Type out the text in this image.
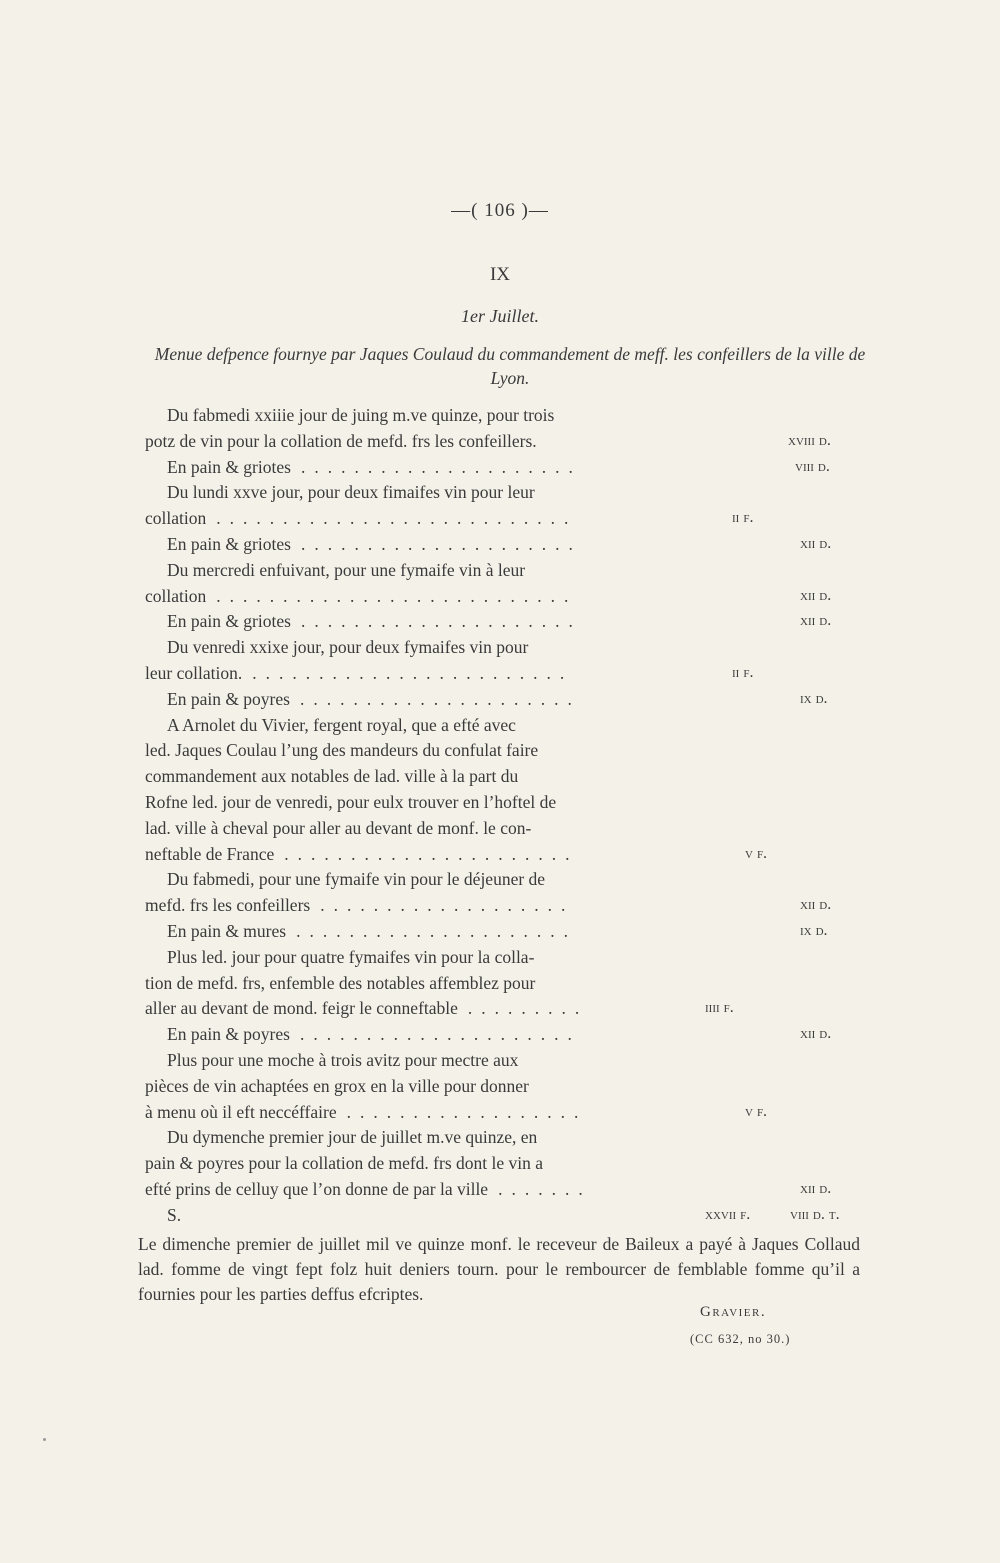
—( 106 )—
IX
1er Juillet.
Menue defpence fournye par Jaques Coulaud du commandement de meff. les confeillers de la ville de Lyon.
Du fabmedi xxiiie jour de juing m.ve quinze, pour trois
potz de vin pour la collation de mefd. frs les confeillers.	xviii d.
En pain & griotes .....................	viii d.
Du lundi xxve jour, pour deux fimaifes vin pour leur
collation ...........................	ii f.
En pain & griotes .....................	xii d.
Du mercredi enfuivant, pour une fymaife vin à leur
collation ...........................	xii d.
En pain & griotes .....................	xii d.
Du venredi xxixe jour, pour deux fymaifes vin pour
leur collation. ........................	ii f.
En pain & poyres .....................	ix d.
A Arnolet du Vivier, fergent royal, que a efté avec
led. Jaques Coulau l’ung des mandeurs du confulat faire
commandement aux notables de lad. ville à la part du
Rofne led. jour de venredi, pour eulx trouver en l’hoftel de
lad. ville à cheval pour aller au devant de monf. le con-
neftable de France ......................	v f.
Du fabmedi, pour une fymaife vin pour le déjeuner de
mefd. frs les confeillers ...................	xii d.
En pain & mures .....................	ix d.
Plus led. jour pour quatre fymaifes vin pour la colla-
tion de mefd. frs, enfemble des notables affemblez pour
aller au devant de mond. feigr le conneftable .........	iiii f.
En pain & poyres .....................	xii d.
Plus pour une moche à trois avitz pour mectre aux
pièces de vin achaptées en grox en la ville pour donner
à menu où il eft neccéffaire ..................	v f.
Du dymenche premier jour de juillet m.ve quinze, en
pain & poyres pour la collation de mefd. frs dont le vin a
efté prins de celluy que l’on donne de par la ville .......	xii d.
S.	xxvii f. viii d. t.
Le dimenche premier de juillet mil ve quinze monf. le receveur de Baileux a payé à Jaques Collaud lad. fomme de vingt fept folz huit deniers tourn. pour le rembourcer de femblable fomme qu’il a fournies pour les parties deffus efcriptes.
Gravier.
(CC 632, no 30.)
